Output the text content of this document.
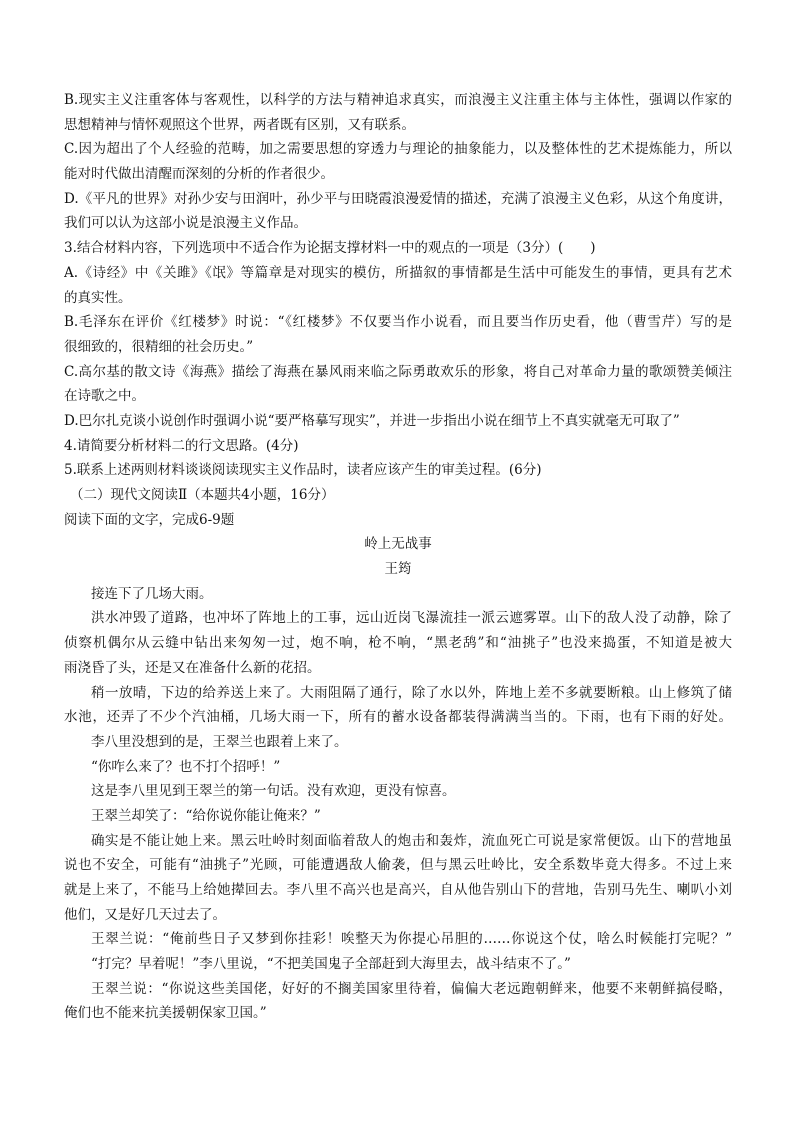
B.现实主义注重客体与客观性，以科学的方法与精神追求真实，而浪漫主义注重主体与主体性，强调以作家的
思想精神与情怀观照这个世界，两者既有区别，又有联系。
C.因为超出了个人经验的范畴，加之需要思想的穿透力与理论的抽象能力，以及整体性的艺术提炼能力，所以
能对时代做出清醒而深刻的分析的作者很少。
D.《平凡的世界》对孙少安与田润叶，孙少平与田晓霞浪漫爱情的描述，充满了浪漫主义色彩，从这个角度讲，
我们可以认为这部小说是浪漫主义作品。
3.结合材料内容，下列选项中不适合作为论据支撑材料一中的观点的一项是（3分）(　　)
A.《诗经》中《关雎》《氓》等篇章是对现实的模仿，所描叙的事情都是生活中可能发生的事情，更具有艺术
的真实性。
B.毛泽东在评价《红楼梦》时说：“《红楼梦》不仅要当作小说看，而且要当作历史看，他（曹雪芹）写的是
很细致的，很精细的社会历史。”
C.高尔基的散文诗《海燕》描绘了海燕在暴风雨来临之际勇敢欢乐的形象，将自己对革命力量的歌颂赞美倾注
在诗歌之中。
D.巴尔扎克谈小说创作时强调小说“要严格摹写现实”，并进一步指出小说在细节上不真实就毫无可取了”
4.请简要分析材料二的行文思路。(4分)
5.联系上述两则材料谈谈阅读现实主义作品时，读者应该产生的审美过程。(6分)
（二）现代文阅读Ⅱ（本题共4小题，16分）
阅读下面的文字，完成6-9题
岭上无战事
王筠
接连下了几场大雨。
洪水冲毁了道路，也冲坏了阵地上的工事，远山近岗飞瀑流挂一派云遮雾罩。山下的敌人没了动静，除了
侦察机偶尔从云缝中钻出来匆匆一过，炮不响，枪不响，“黑老鸹”和“油挑子”也没来捣蛋，不知道是被大
雨浇昏了头，还是又在准备什么新的花招。
稍一放晴，下边的给养送上来了。大雨阻隔了通行，除了水以外，阵地上差不多就要断粮。山上修筑了储
水池，还弄了不少个汽油桶，几场大雨一下，所有的蓄水设备都装得满满当当的。下雨，也有下雨的好处。
李八里没想到的是，王翠兰也跟着上来了。
“你咋么来了？也不打个招呼！”
这是李八里见到王翠兰的第一句话。没有欢迎，更没有惊喜。
王翠兰却笑了：“给你说你能让俺来？”
确实是不能让她上来。黑云吐岭时刻面临着敌人的炮击和轰炸，流血死亡可说是家常便饭。山下的营地虽
说也不安全，可能有“油挑子”光顾，可能遭遇敌人偷袭，但与黑云吐岭比，安全系数毕竟大得多。不过上来
就是上来了，不能马上给她撵回去。李八里不高兴也是高兴，自从他告别山下的营地，告别马先生、喇叭小刘
他们，又是好几天过去了。
王翠兰说：“俺前些日子又梦到你挂彩！唉整天为你提心吊胆的……你说这个仗，啥么时候能打完呢？”
“打完？早着呢！”李八里说，“不把美国鬼子全部赶到大海里去，战斗结束不了。”
王翠兰说：“你说这些美国佬，好好的不搁美国家里待着，偏偏大老远跑朝鲜来，他要不来朝鲜搞侵略，
俺们也不能来抗美援朝保家卫国。”
